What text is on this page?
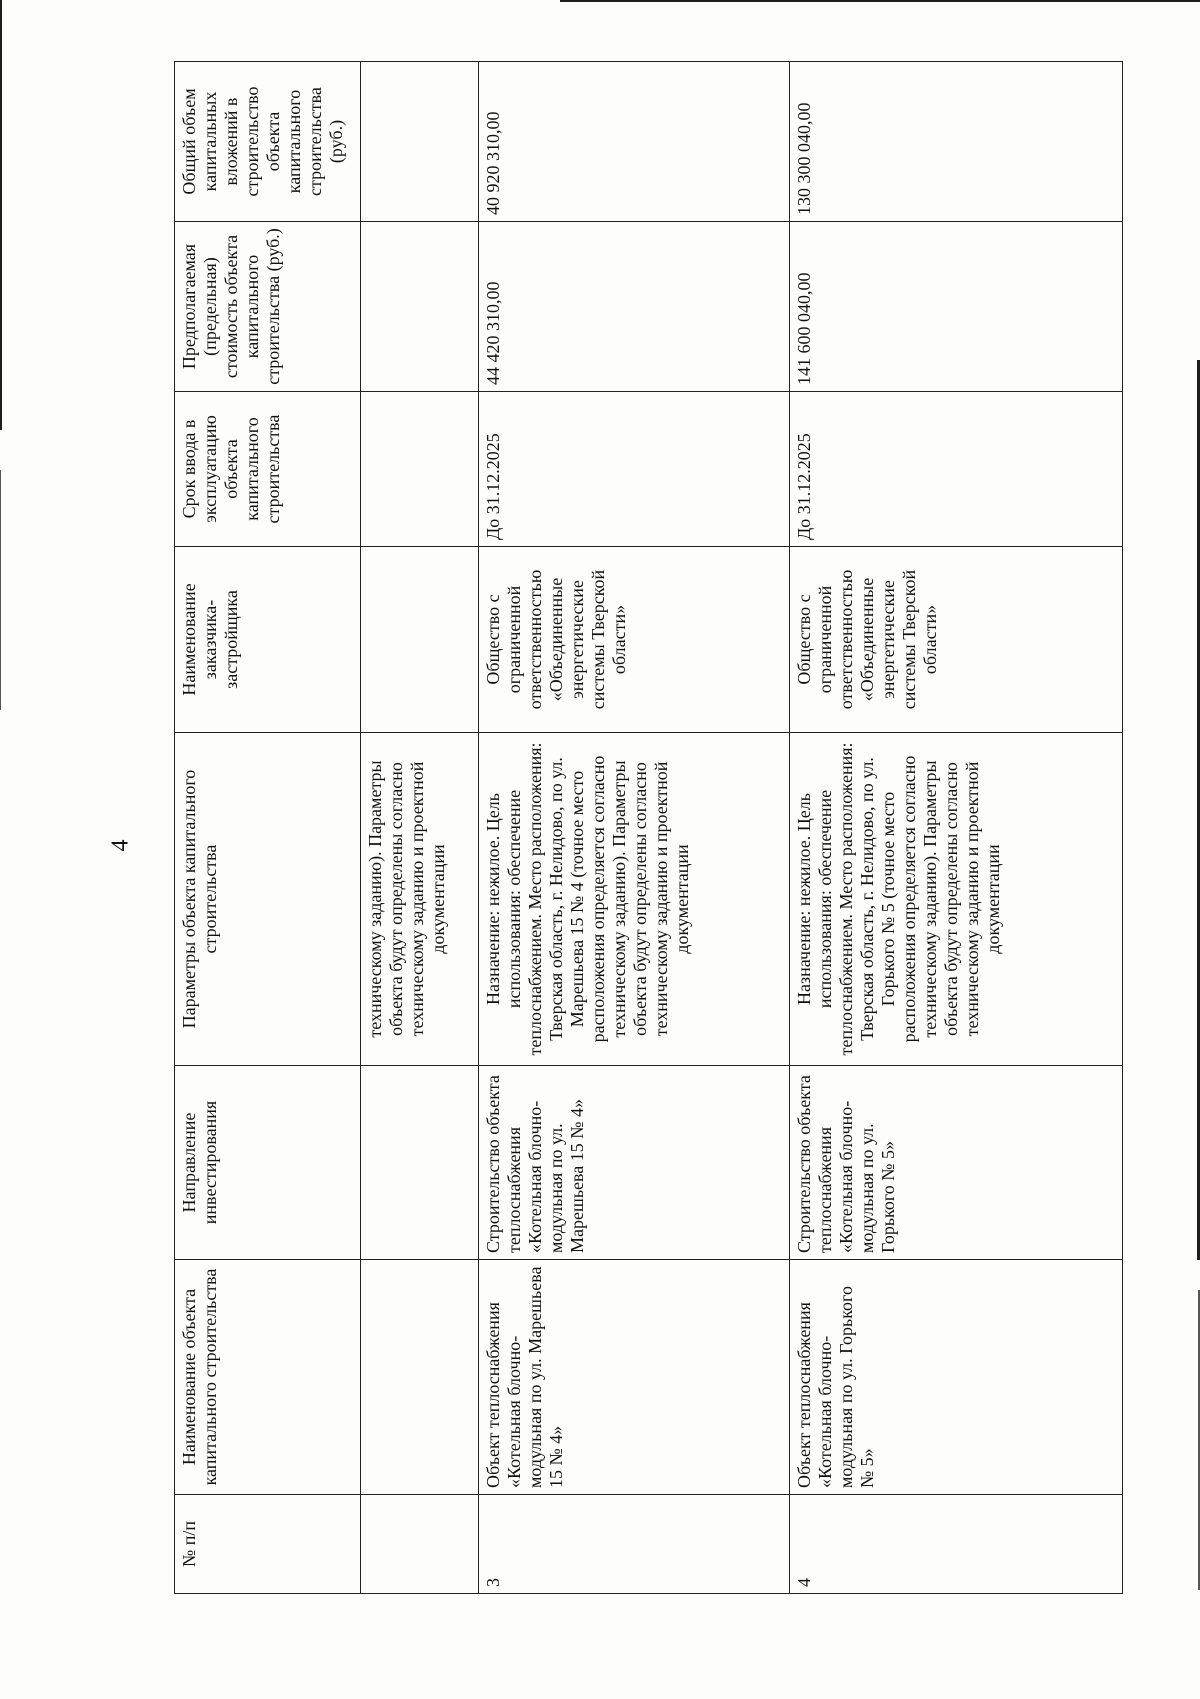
4
№ п/п	Наименование объекта капитального строительства	Направление инвестирования	Параметры объекта капитального строительства	Наименование заказчика-застройщика	Срок ввода в эксплуатацию объекта капитального строительства	Предполагаемая (предельная) стоимость объекта капитального строительства (руб.)	Общий объем капитальных вложений в строительство объекта капитального строительства (руб.)
			техническому заданию). Параметры объекта будут определены согласно техническому заданию и проектной документации				
3	Объект теплоснабжения «Котельная блочно-модульная по ул. Марешьева 15 № 4»	Строительство объекта теплоснабжения «Котельная блочно-модульная по ул. Марешьева 15 № 4»	Назначение: нежилое. Цель использования: обеспечение теплоснабжением. Место расположения: Тверская область, г. Нелидово, по ул. Марешьева 15 № 4 (точное место расположения определяется согласно техническому заданию). Параметры объекта будут определены согласно техническому заданию и проектной документации	Общество с ограниченной ответственностью «Объединенные энергетические системы Тверской области»	До 31.12.2025	44 420 310,00	40 920 310,00
4	Объект теплоснабжения «Котельная блочно-модульная по ул. Горького № 5»	Строительство объекта теплоснабжения «Котельная блочно-модульная по ул. Горького № 5»	Назначение: нежилое. Цель использования: обеспечение теплоснабжением. Место расположения: Тверская область, г. Нелидово, по ул. Горького № 5 (точное место расположения определяется согласно техническому заданию). Параметры объекта будут определены согласно техническому заданию и проектной документации	Общество с ограниченной ответственностью «Объединенные энергетические системы Тверской области»	До 31.12.2025	141 600 040,00	130 300 040,00
